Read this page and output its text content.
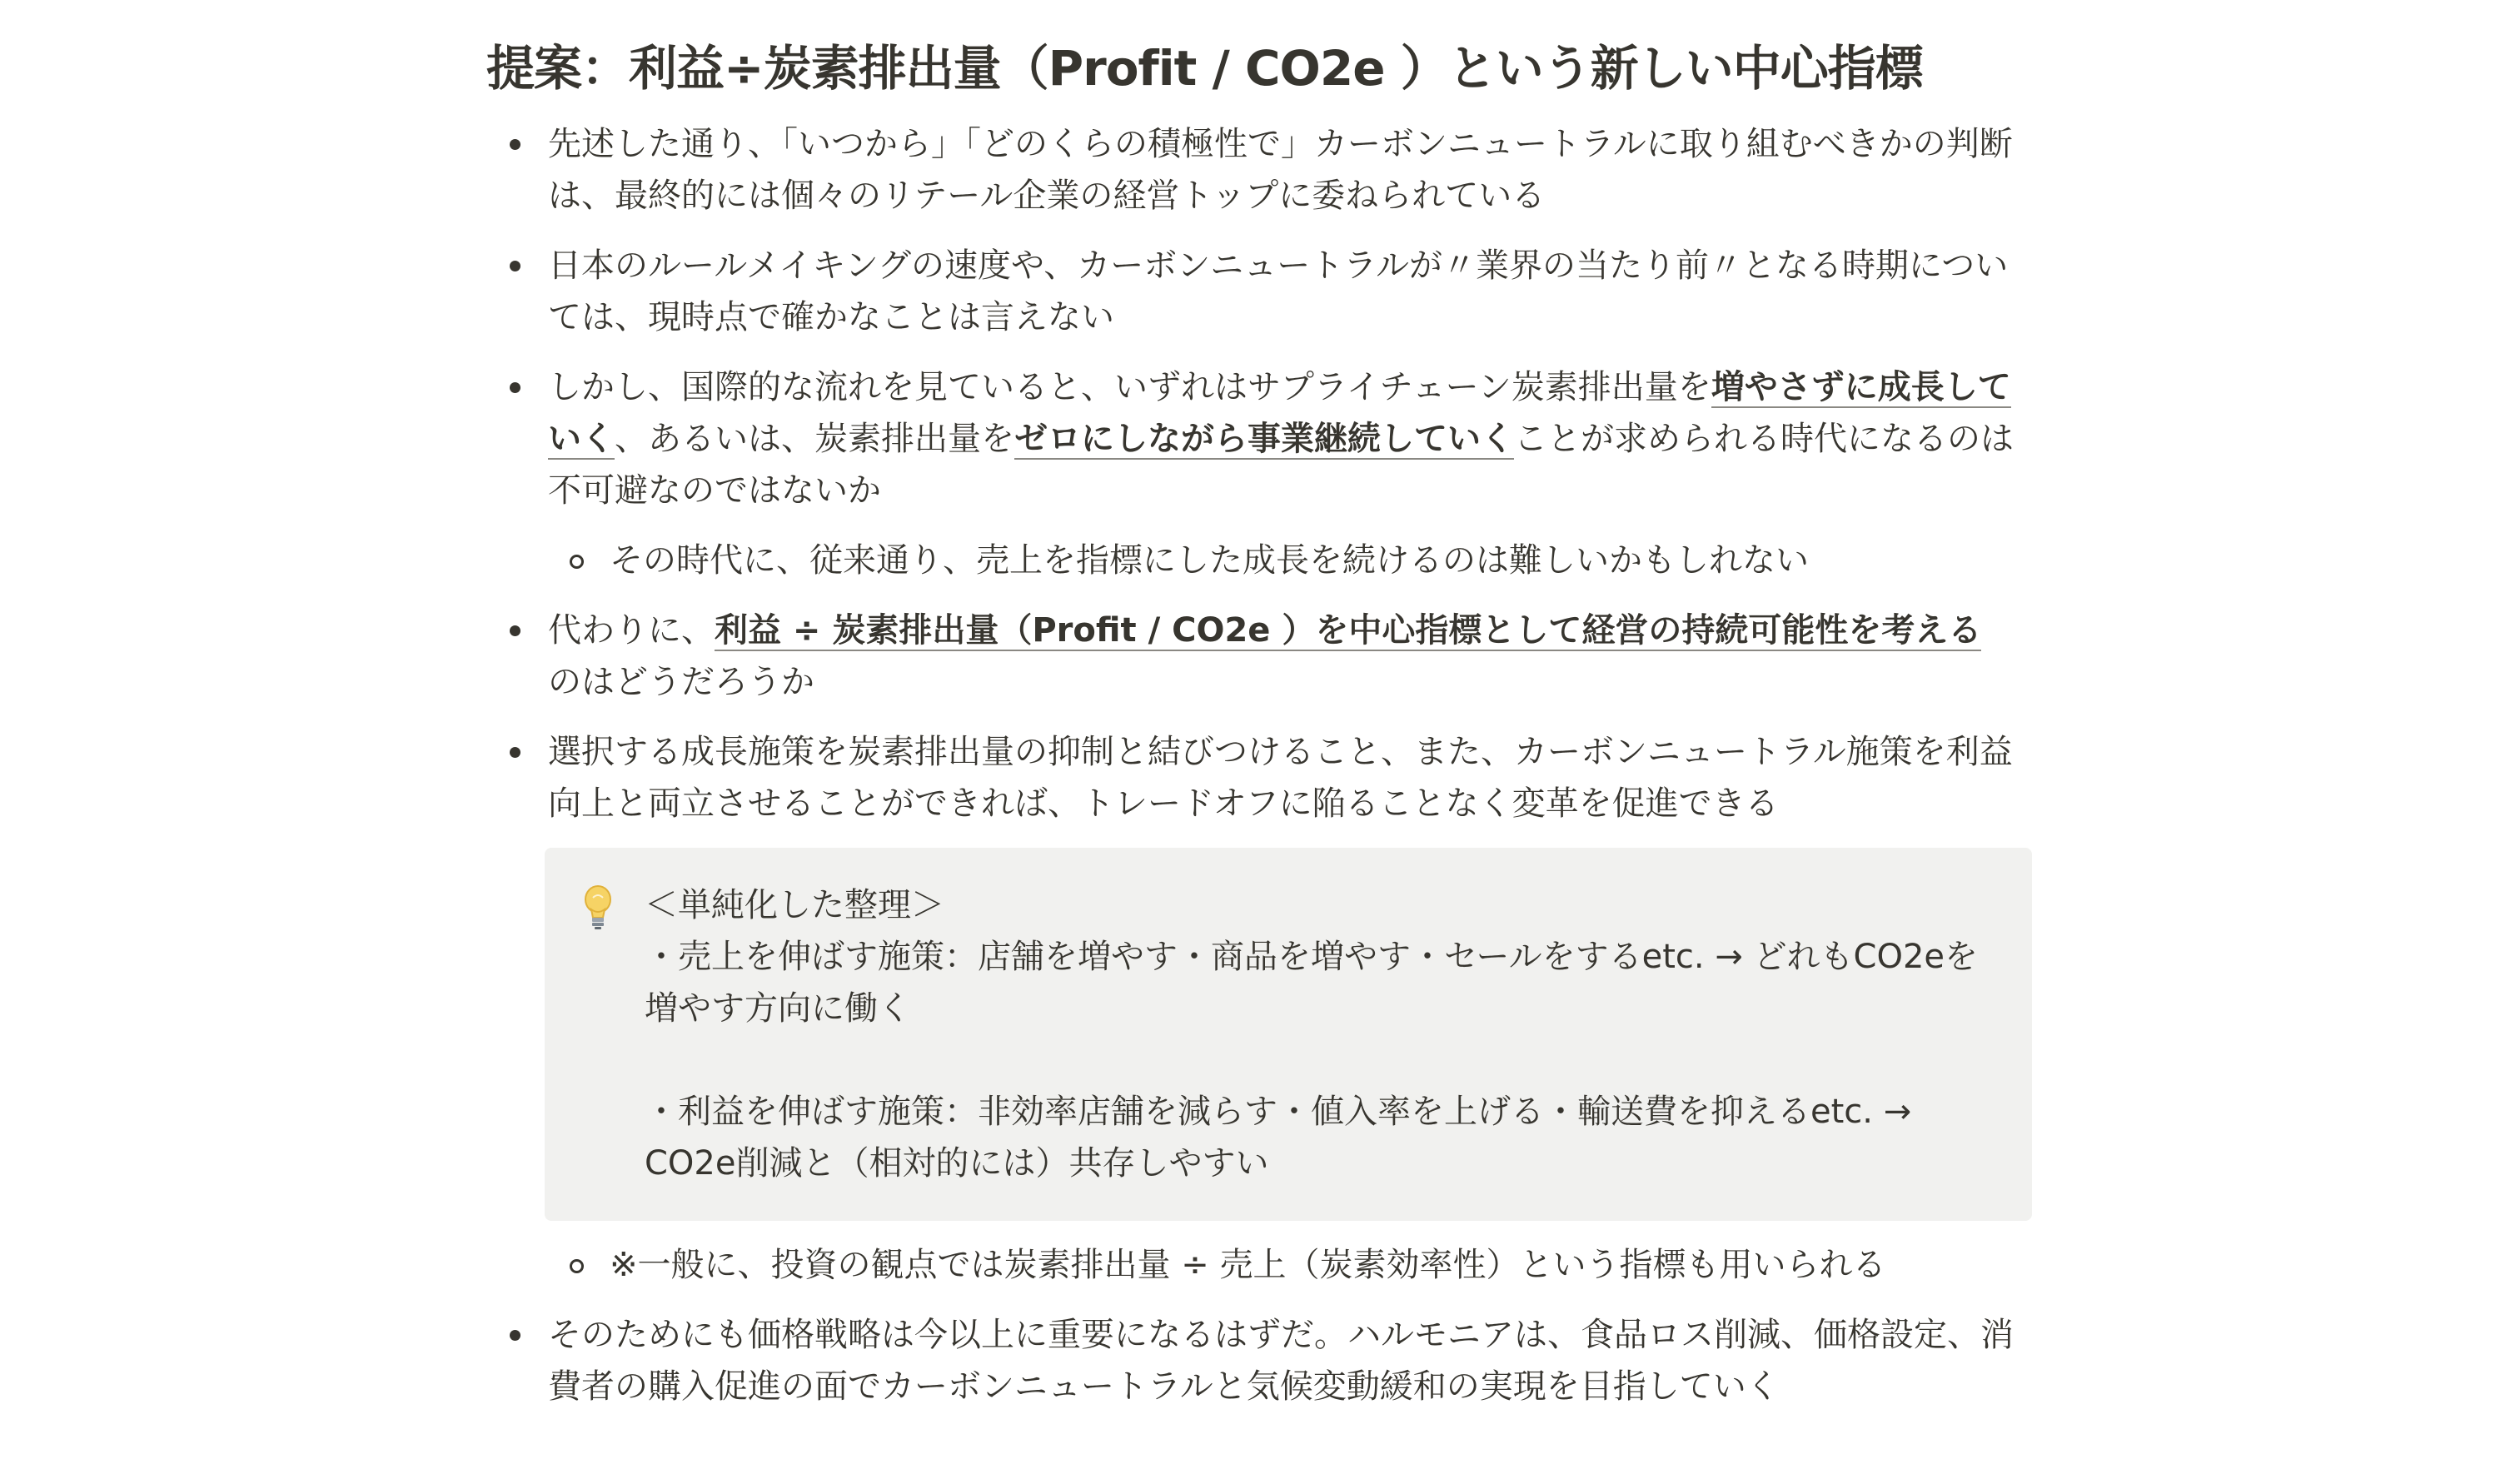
提案：利益÷炭素排出量（Profit / CO2e ）という新しい中心指標
先述した通り、「いつから」「どのくらの積極性で」カーボンニュートラルに取り組むべきかの判断は、最終的には個々のリテール企業の経営トップに委ねられている
日本のルールメイキングの速度や、カーボンニュートラルが〃業界の当たり前〃となる時期については、現時点で確かなことは言えない
しかし、国際的な流れを見ていると、いずれはサプライチェーン炭素排出量を増やさずに成長していく、あるいは、炭素排出量をゼロにしながら事業継続していくことが求められる時代になるのは不可避なのではないか
その時代に、従来通り、売上を指標にした成長を続けるのは難しいかもしれない
代わりに、利益 ÷ 炭素排出量（Profit / CO2e ）を中心指標として経営の持続可能性を考える
のはどうだろうか
選択する成長施策を炭素排出量の抑制と結びつけること、また、カーボンニュートラル施策を利益向上と両立させることができれば、トレードオフに陥ることなく変革を促進できる
＜単純化した整理＞
・売上を伸ばす施策：店舗を増やす・商品を増やす・セールをするetc. → どれもCO2eを増やす方向に働く
・利益を伸ばす施策：非効率店舗を減らす・値入率を上げる・輸送費を抑えるetc. → CO2e削減と（相対的には）共存しやすい
※一般に、投資の観点では炭素排出量 ÷ 売上（炭素効率性）という指標も用いられる
そのためにも価格戦略は今以上に重要になるはずだ。ハルモニアは、食品ロス削減、価格設定、消費者の購入促進の面でカーボンニュートラルと気候変動緩和の実現を目指していく
